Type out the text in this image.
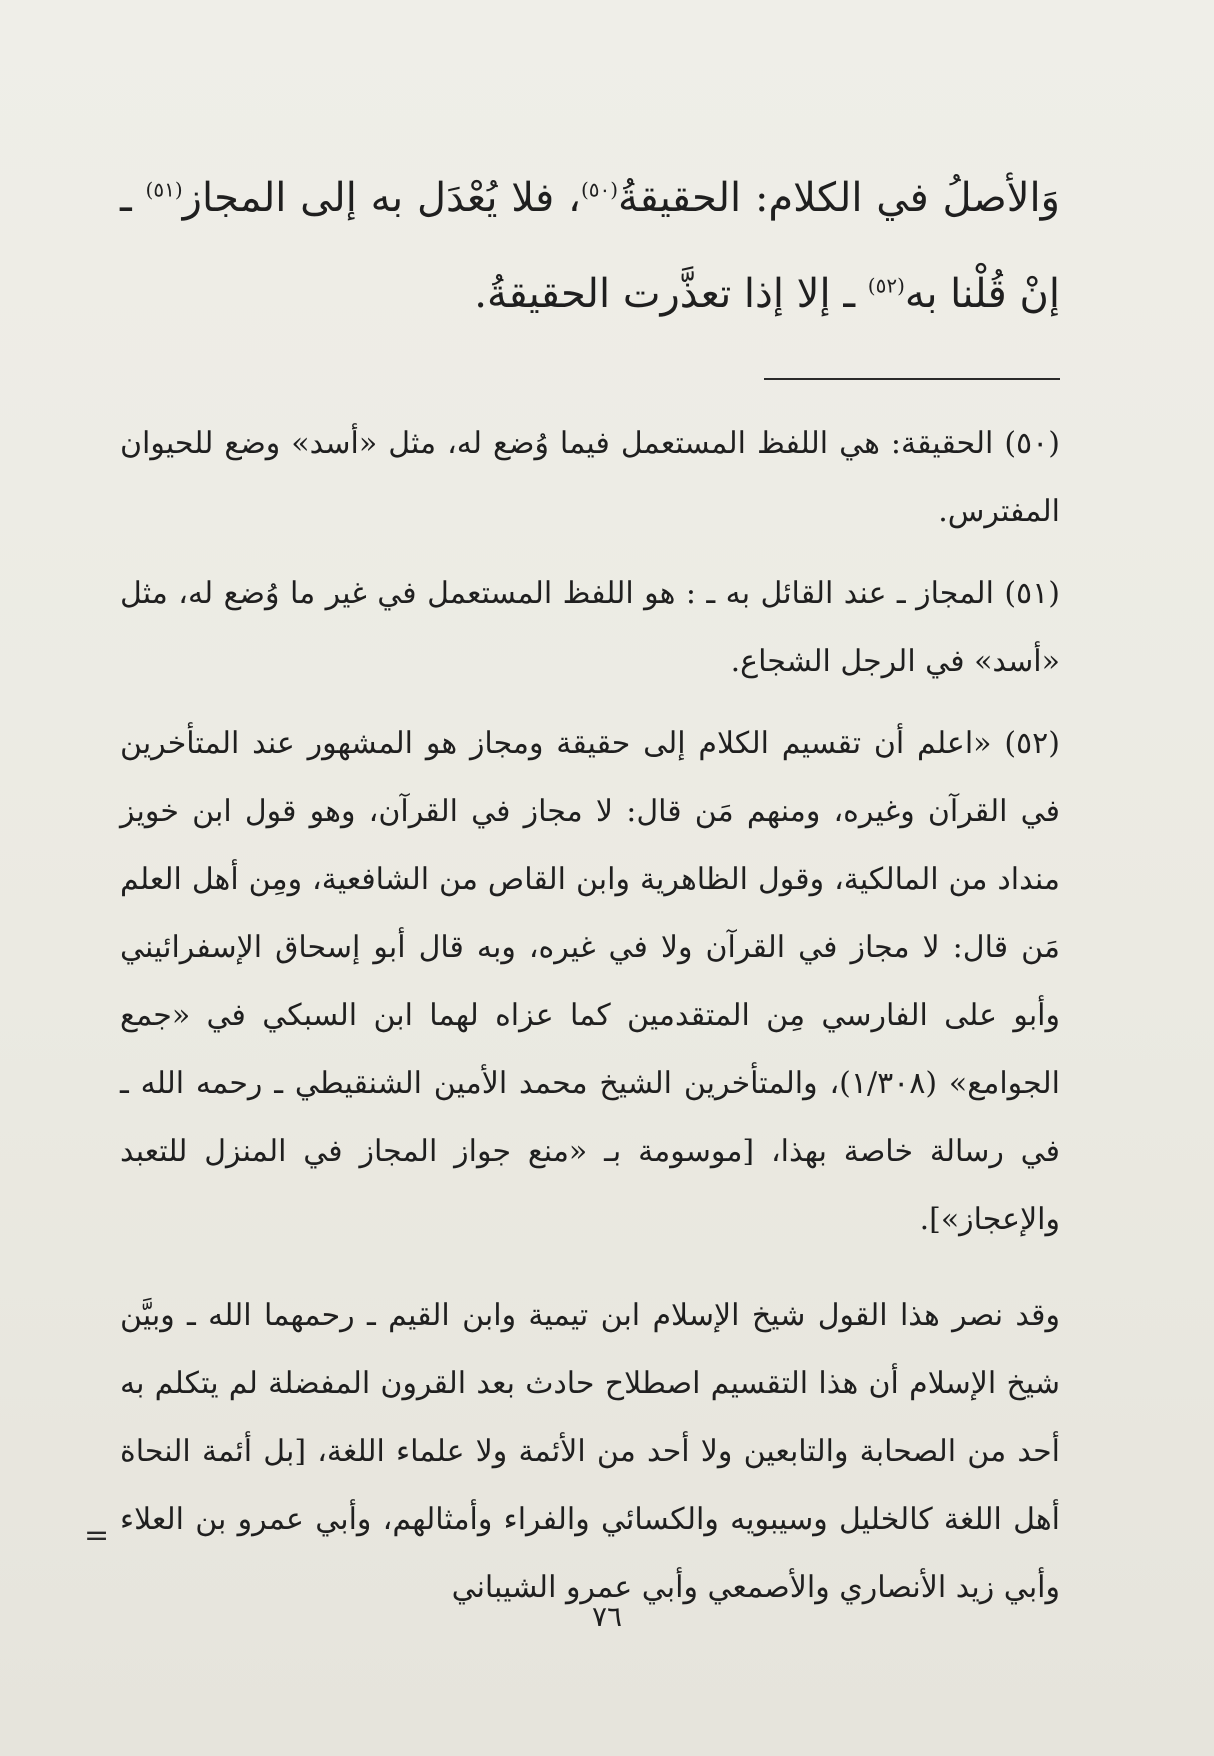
وَالأصلُ في الكلام: الحقيقةُ$^{(٥٠)}$، فلا يُعْدَل به إلى المجاز$^{(٥١)}$ ـ إنْ قُلْنا به$^{(٥٢)}$ ـ إلا إذا تعذَّرت الحقيقةُ.

(٥٠) الحقيقة: هي اللفظ المستعمل فيما وُضع له، مثل «أسد» وضع للحيوان المفترس.

(٥١) المجاز ـ عند القائل به ـ : هو اللفظ المستعمل في غير ما وُضع له، مثل «أسد» في الرجل الشجاع.

(٥٢) «اعلم أن تقسيم الكلام إلى حقيقة ومجاز هو المشهور عند المتأخرين في القرآن وغيره، ومنهم مَن قال: لا مجاز في القرآن، وهو قول ابن خويز منداد من المالكية، وقول الظاهرية وابن القاص من الشافعية، ومِن أهل العلم مَن قال: لا مجاز في القرآن ولا في غيره، وبه قال أبو إسحاق الإسفرائيني وأبو على الفارسي مِن المتقدمين كما عزاه لهما ابن السبكي في «جمع الجوامع» (١/٣٠٨)، والمتأخرين الشيخ محمد الأمين الشنقيطي ـ رحمه الله ـ في رسالة خاصة بهذا، [موسومة بـ «منع جواز المجاز في المنزل للتعبد والإعجاز»].

وقد نصر هذا القول شيخ الإسلام ابن تيمية وابن القيم ـ رحمهما الله ـ وبيَّن شيخ الإسلام أن هذا التقسيم اصطلاح حادث بعد القرون المفضلة لم يتكلم به أحد من الصحابة والتابعين ولا أحد من الأئمة ولا علماء اللغة، [بل أئمة النحاة أهل اللغة كالخليل وسيبويه والكسائي والفراء وأمثالهم، وأبي عمرو بن العلاء وأبي زيد الأنصاري والأصمعي وأبي عمرو الشيباني

=
٧٦
